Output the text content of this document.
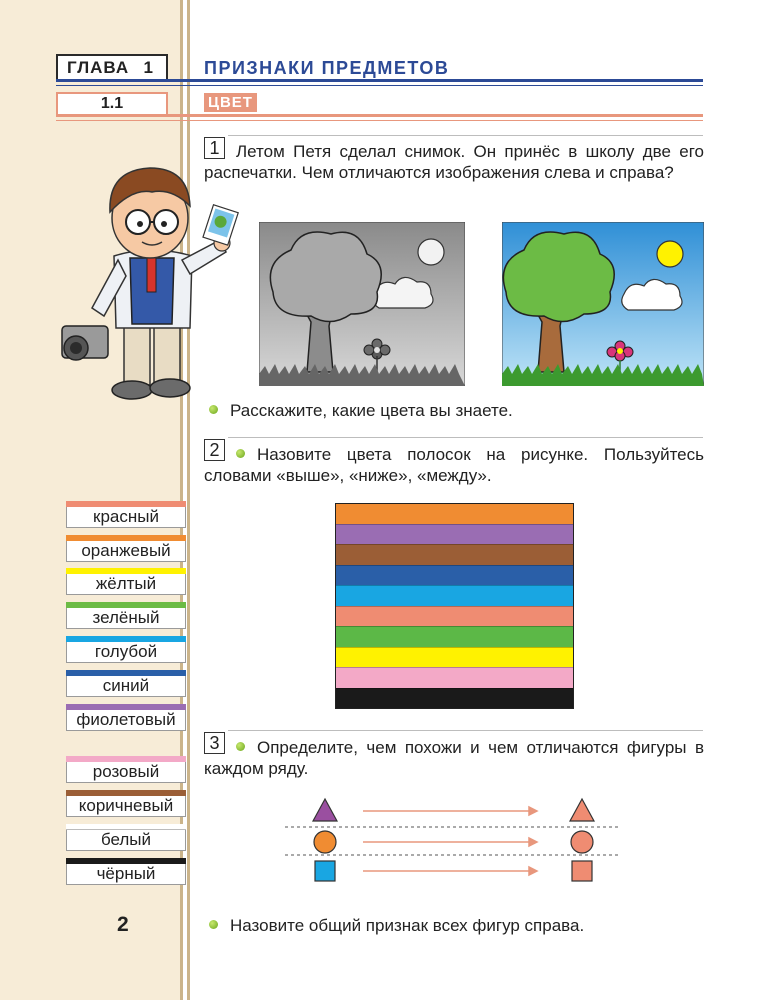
ГЛАВА 1	ПРИЗНАКИ ПРЕДМЕТОВ
1.1	ЦВЕТ
1 Летом Петя сделал снимок. Он принёс в школу две его распечатки. Чем отличаются изображения слева и справа?
Расскажите, какие цвета вы знаете.
2	Назовите цвета полосок на рисунке. Пользуйтесь словами «выше», «ниже», «между».
3	Определите, чем похожи и чем отличаются фигуры в каждом ряду.
Назовите общий признак всех фигур справа.
красный
оранжевый
жёлтый
зелёный
голубой
синий
фиолетовый
розовый
коричневый
белый
чёрный
2
